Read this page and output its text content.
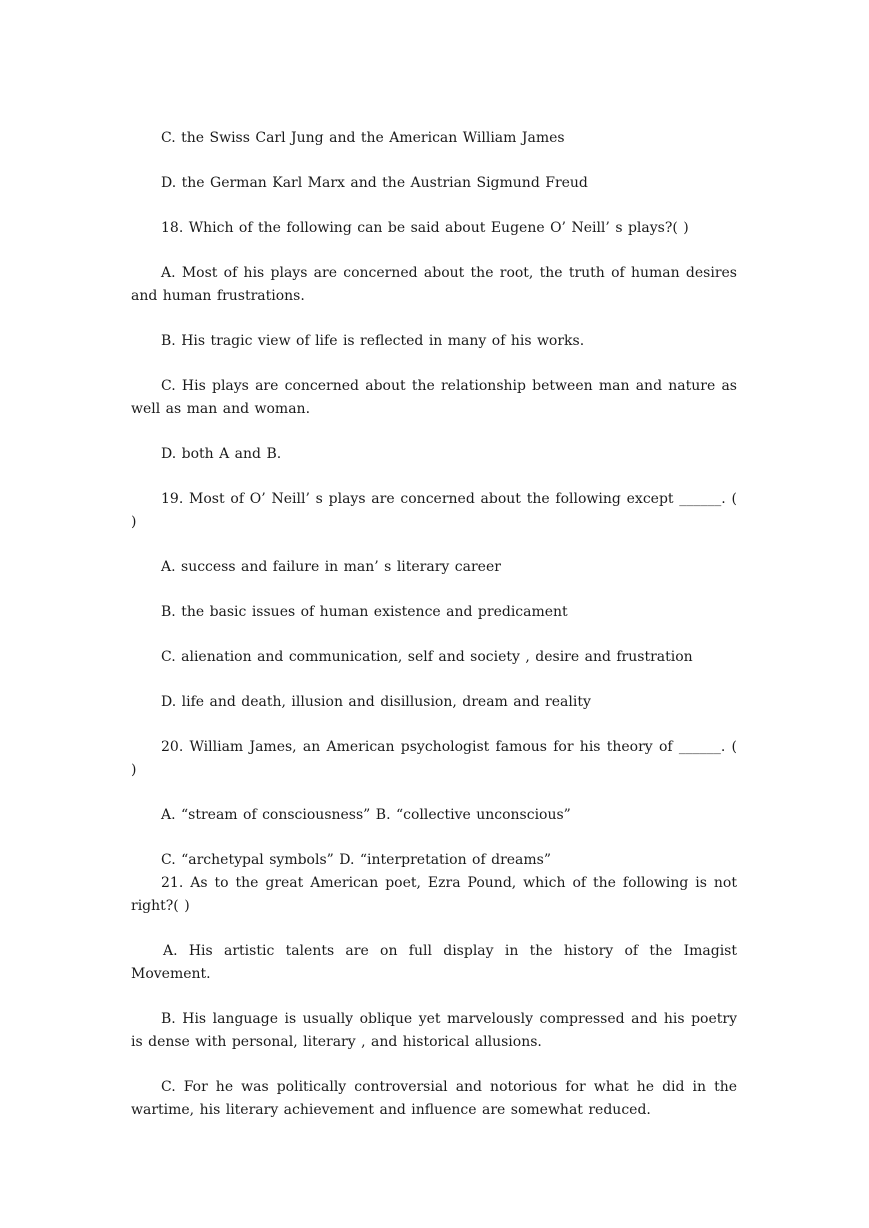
C. the Swiss Carl Jung and the American William James

D. the German Karl Marx and the Austrian Sigmund Freud

18. Which of the following can be said about Eugene O’ Neill’ s plays?( )

A. Most of his plays are concerned about the root, the truth of human desires and human frustrations.

B. His tragic view of life is reflected in many of his works.

C. His plays are concerned about the relationship between man and nature as well as man and woman.

D. both A and B.

19. Most of O’ Neill’ s plays are concerned about the following except ______. ( )

A. success and failure in man’ s literary career

B. the basic issues of human existence and predicament

C. alienation and communication, self and society , desire and frustration

D. life and death, illusion and disillusion, dream and reality

20. William James, an American psychologist famous for his theory of ______. ( )

A. “stream of consciousness” B. “collective unconscious”

C. “archetypal symbols” D. “interpretation of dreams”

21. As to the great American poet, Ezra Pound, which of the following is not right?( )

A. His artistic talents are on full display in the history of the Imagist Movement.

B. His language is usually oblique yet marvelously compressed and his poetry is dense with personal, literary , and historical allusions.

C. For he was politically controversial and notorious for what he did in the wartime, his literary achievement and influence are somewhat reduced.
